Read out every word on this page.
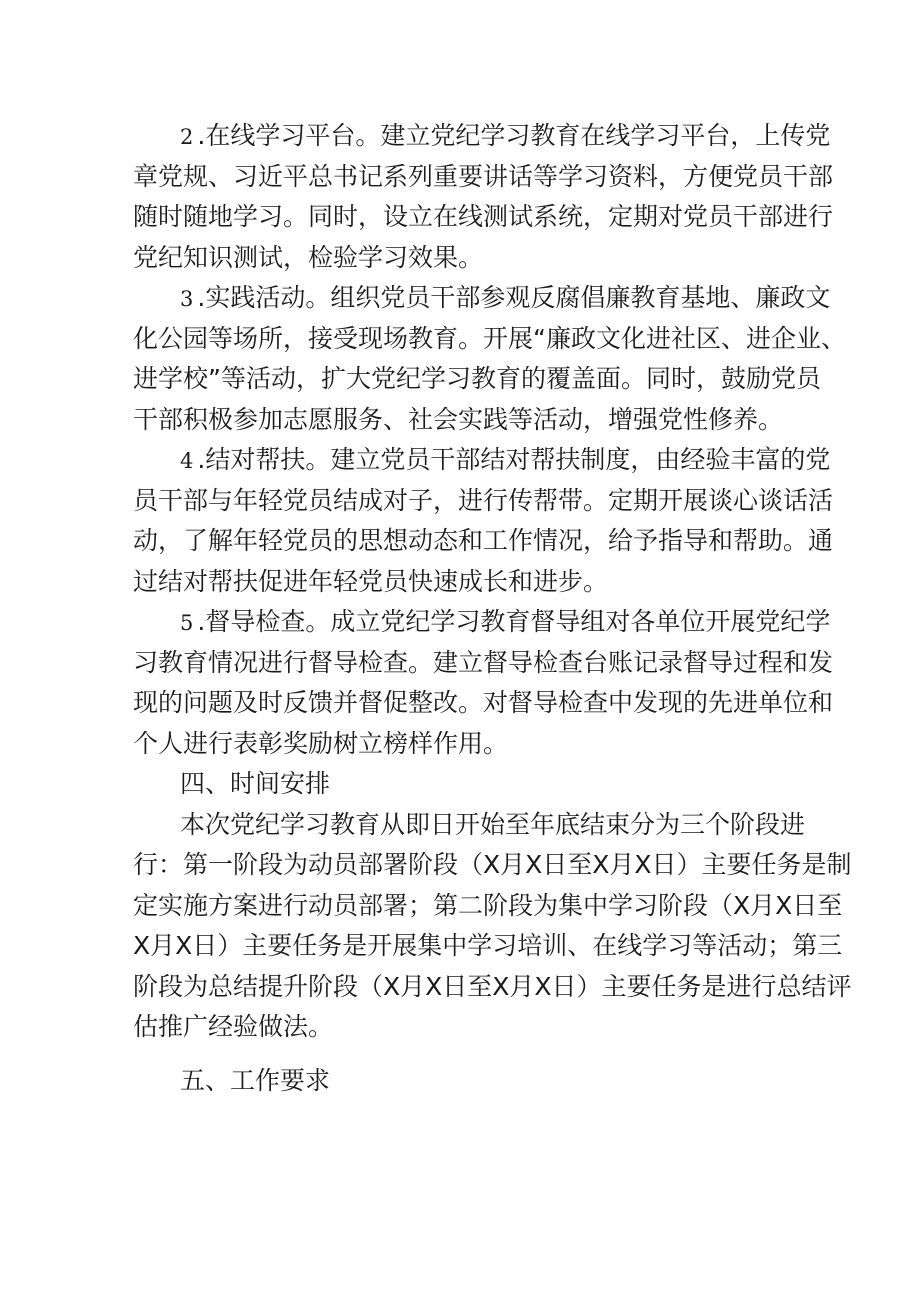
2 .在线学习平台。建立党纪学习教育在线学习平台，上传党
章党规、习近平总书记系列重要讲话等学习资料，方便党员干部
随时随地学习。同时，设立在线测试系统，定期对党员干部进行
党纪知识测试，检验学习效果。
3 .实践活动。组织党员干部参观反腐倡廉教育基地、廉政文
化公园等场所，接受现场教育。开展“廉政文化进社区、进企业、
进学校”等活动，扩大党纪学习教育的覆盖面。同时，鼓励党员
干部积极参加志愿服务、社会实践等活动，增强党性修养。
4 .结对帮扶。建立党员干部结对帮扶制度，由经验丰富的党
员干部与年轻党员结成对子，进行传帮带。定期开展谈心谈话活
动，了解年轻党员的思想动态和工作情况，给予指导和帮助。通
过结对帮扶促进年轻党员快速成长和进步。
5 .督导检查。成立党纪学习教育督导组对各单位开展党纪学
习教育情况进行督导检查。建立督导检查台账记录督导过程和发
现的问题及时反馈并督促整改。对督导检查中发现的先进单位和
个人进行表彰奖励树立榜样作用。
四、时间安排
本次党纪学习教育从即日开始至年底结束分为三个阶段进
行：第一阶段为动员部署阶段（X月X日至X月X日）主要任务是制
定实施方案进行动员部署；第二阶段为集中学习阶段（X月X日至
X月X日）主要任务是开展集中学习培训、在线学习等活动；第三
阶段为总结提升阶段（X月X日至X月X日）主要任务是进行总结评
估推广经验做法。
五、工作要求
